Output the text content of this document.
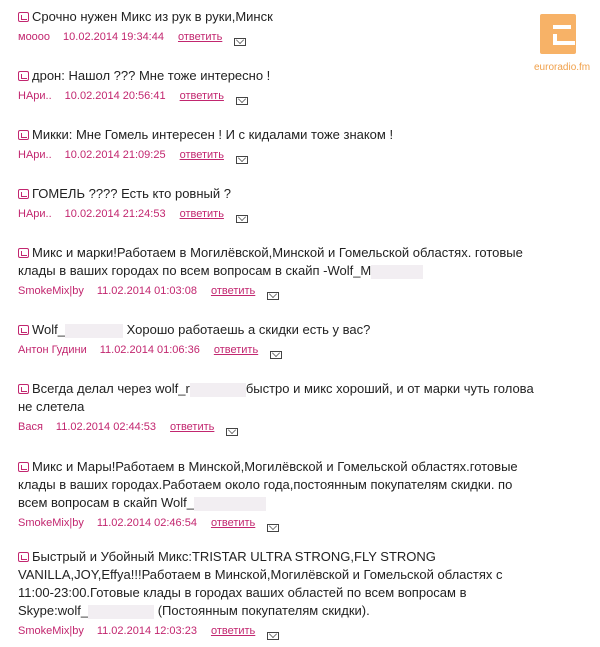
euroradio.fm
Срочно нужен Микс из рук в руки,Минск
моооо 10.02.2014 19:34:44 ответить
дрон: Нашол ??? Мне тоже интересно !
НАри.. 10.02.2014 20:56:41 ответить
Микки: Мне Гомель интересен ! И с кидалами тоже знаком !
НАри.. 10.02.2014 21:09:25 ответить
ГОМЕЛЬ ???? Есть кто ровный ?
НАри.. 10.02.2014 21:24:53 ответить
Микс и марки!Работаем в Могилёвской,Минской и Гомельской областях. готовые клады в ваших городах по всем вопросам в скайп -Wolf_M
SmokeMix|by 11.02.2014 01:03:08 ответить
Wolf_	Хорошо работаешь а скидки есть у вас?
Антон Гудини 11.02.2014 01:06:36 ответить
Всегда делал через wolf_r	быстро и микс хороший, и от марки чуть голова не слетела
Вася 11.02.2014 02:44:53 ответить
Микс и Мары!Работаем в Минской,Могилёвской и Гомельской областях.готовые клады в ваших городах.Работаем около года,постоянным покупателям скидки. по всем вопросам в скайп Wolf_
SmokeMix|by 11.02.2014 02:46:54 ответить
Быстрый и Убойный Микс:TRISTAR ULTRA STRONG,FLY STRONG VANILLA,JOY,Effya!!!Работаем в Минской,Могилёвской и Гомельской областях с 11:00-23:00.Готовые клады в городах ваших областей по всем вопросам в Skype:wolf_	(Постоянным покупателям скидки).
SmokeMix|by 11.02.2014 12:03:23 ответить
